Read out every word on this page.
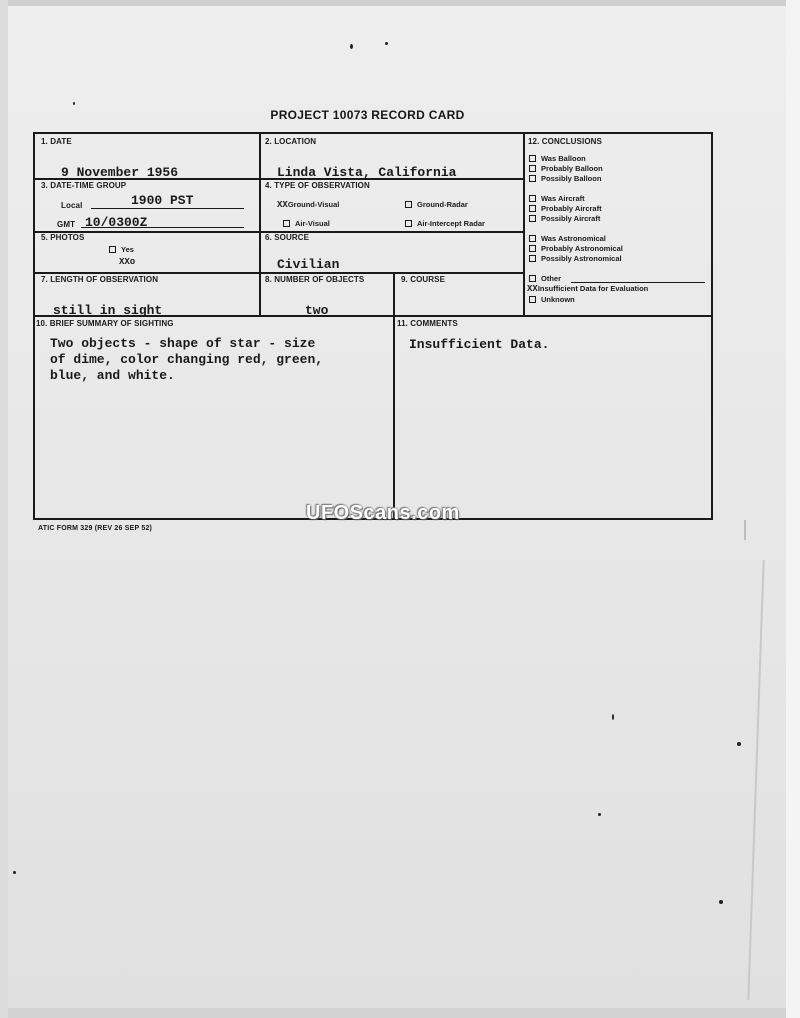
PROJECT 10073 RECORD CARD
1. DATE
9 November 1956
2. LOCATION
Linda Vista, California
3. DATE-TIME GROUP
Local	1900 PST
GMT 10/0300Z
4. TYPE OF OBSERVATION
XXGround-Visual	Ground-Radar
Air-Visual	Air-Intercept Radar
5. PHOTOS
Yes
XXo
6. SOURCE
Civilian
7. LENGTH OF OBSERVATION
still in sight
8. NUMBER OF OBJECTS
two
9. COURSE
10. BRIEF SUMMARY OF SIGHTING
Two objects - shape of star - size
of dime, color changing red, green,
blue, and white.
11. COMMENTS
Insufficient Data.
12. CONCLUSIONS
Was Balloon
Probably Balloon
Possibly Balloon
Was Aircraft
Probably Aircraft
Possibly Aircraft
Was Astronomical
Probably Astronomical
Possibly Astronomical
Other
XXInsufficient Data for Evaluation
Unknown
ATIC FORM 329 (REV 26 SEP 52)
UFOScans.com
